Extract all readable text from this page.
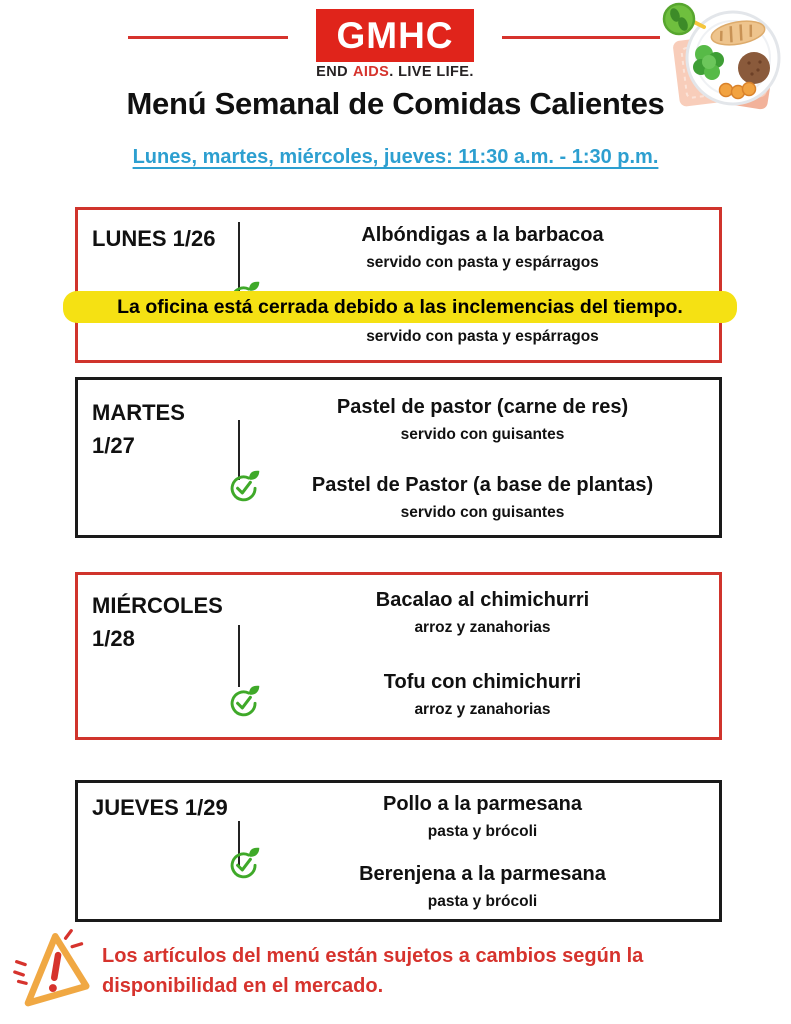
GMHC
END AIDS. LIVE LIFE.
Menú Semanal de Comidas Calientes
Lunes, martes, miércoles, jueves: 11:30 a.m. - 1:30 p.m.
LUNES 1/26	Albóndigas a la barbacoa
servido con pasta y espárragos
servido con pasta y espárragos
La oficina está cerrada debido a las inclemencias del tiempo.
MARTES
1/27
Pastel de pastor (carne de res)
servido con guisantes
Pastel de Pastor (a base de plantas)
servido con guisantes
MIÉRCOLES
1/28
Bacalao al chimichurri
arroz y zanahorias
Tofu con chimichurri
arroz y zanahorias
JUEVES 1/29	Pollo a la parmesana
pasta y brócoli
Berenjena a la parmesana
pasta y brócoli
Los artículos del menú están sujetos a cambios según la disponibilidad en el mercado.
